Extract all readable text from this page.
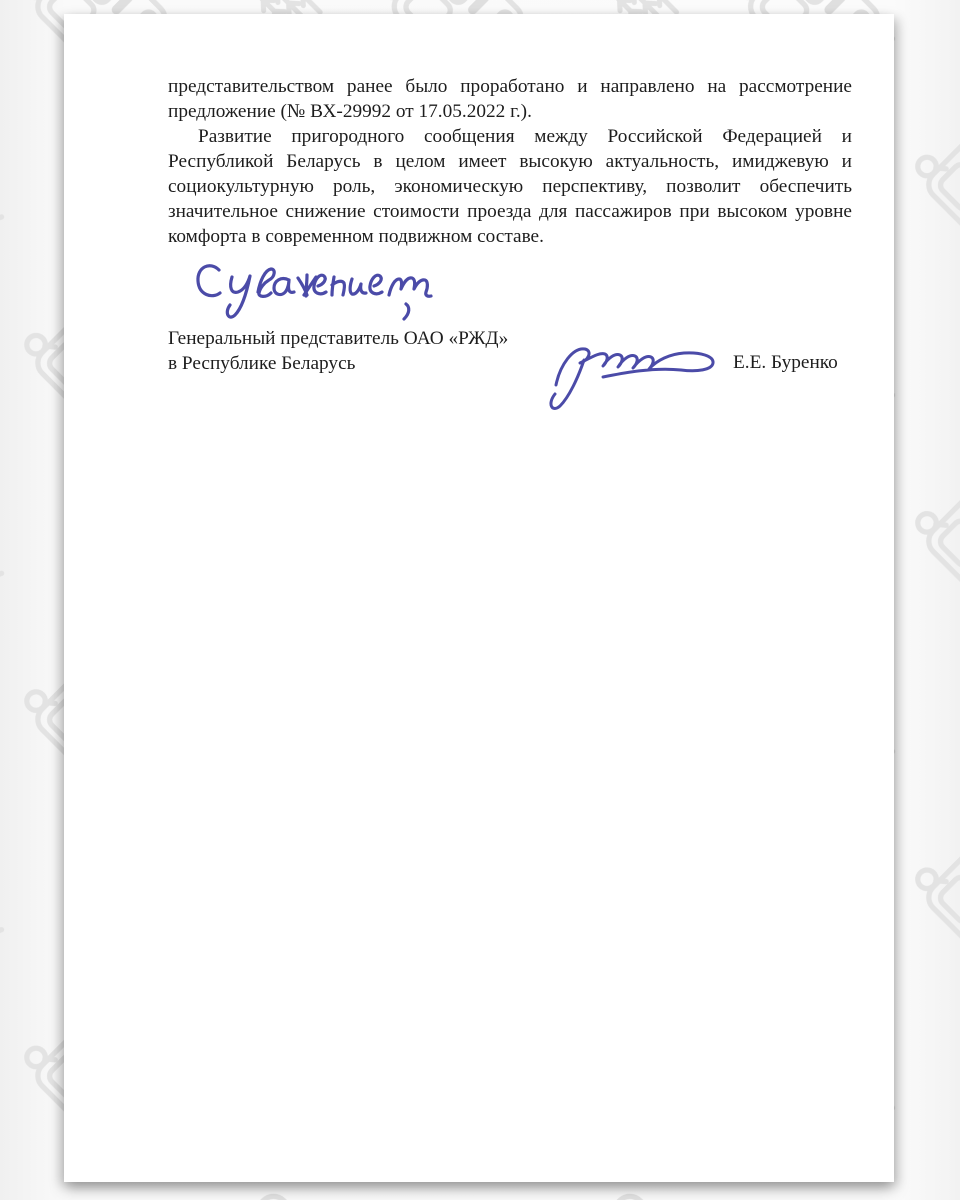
представительством ранее было проработано и направлено на рассмотрение предложение (№ ВХ-29992 от 17.05.2022 г.).

Развитие пригородного сообщения между Российской Федерацией и Республикой Беларусь в целом имеет высокую актуальность, имиджевую и социокультурную роль, экономическую перспективу, позволит обеспечить значительное снижение стоимости проезда для пассажиров при высоком уровне комфорта в современном подвижном составе.

Генеральный представитель ОАО «РЖД»
в Республике Беларусь	Е.Е. Буренко
